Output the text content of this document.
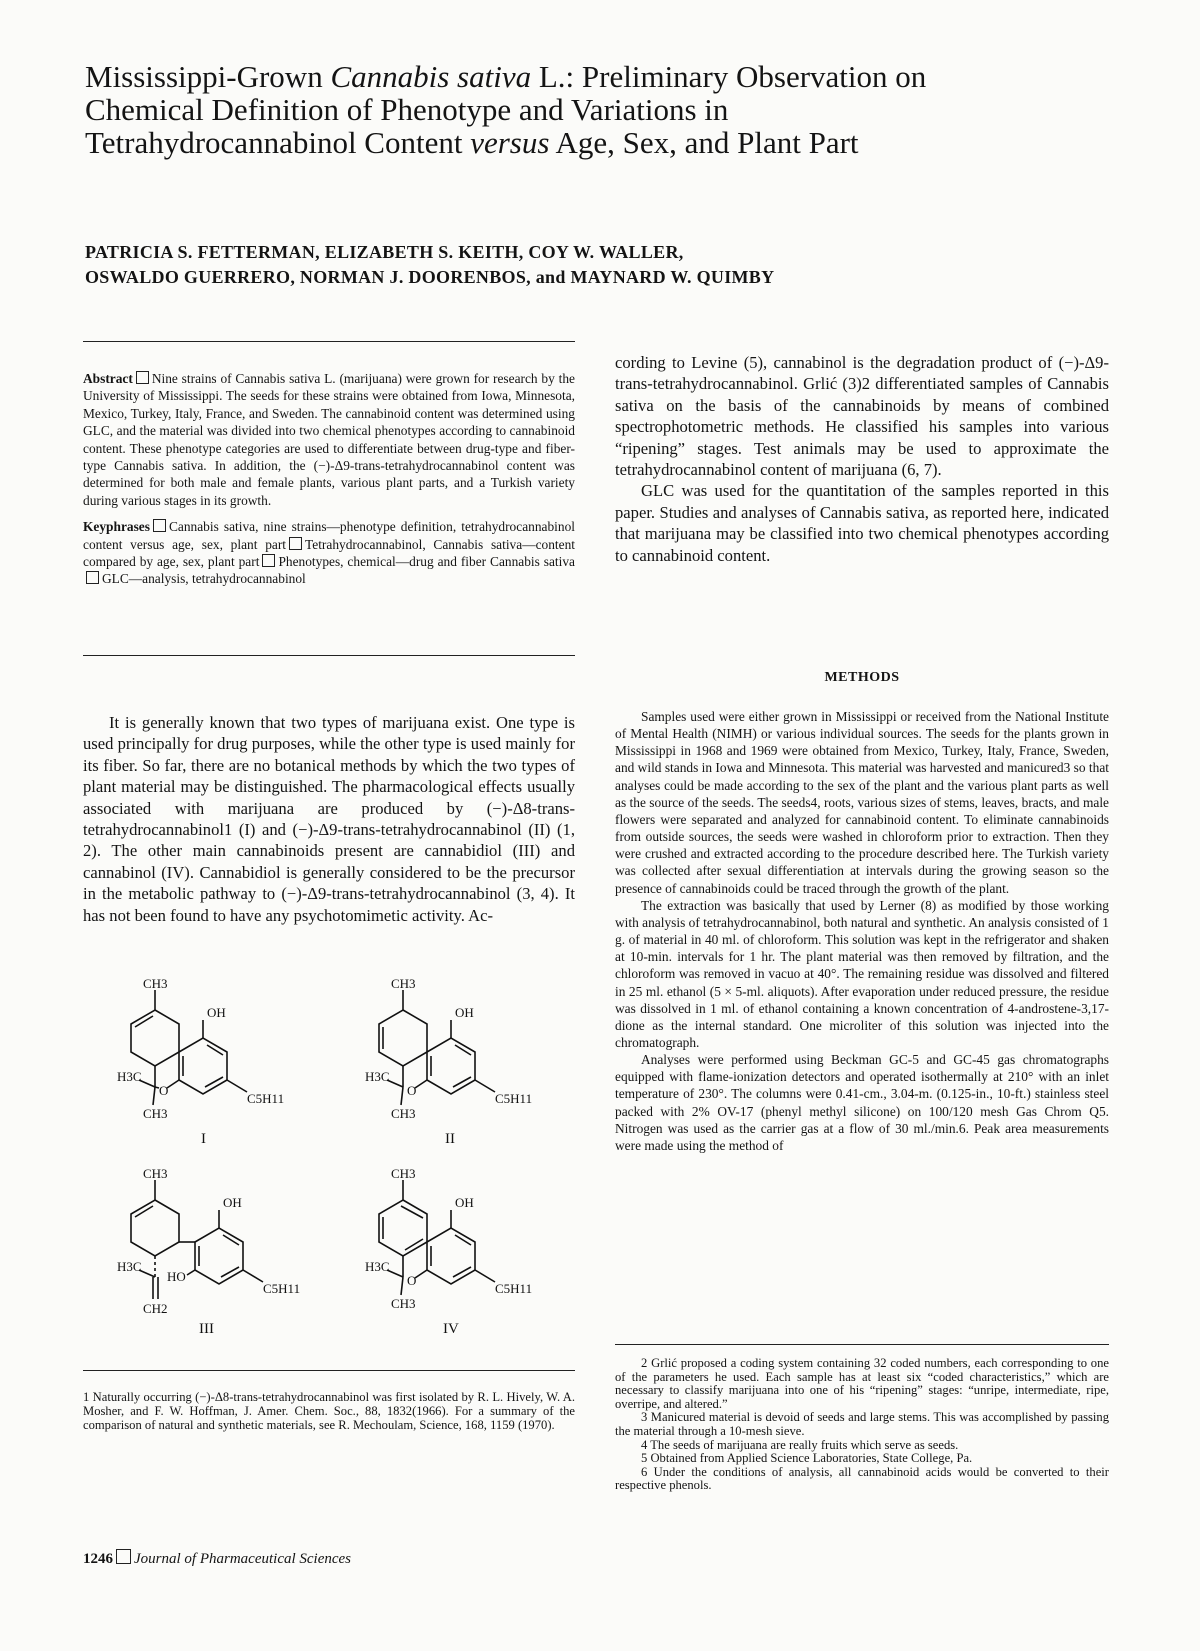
Mississippi-Grown Cannabis sativa L.: Preliminary Observation on Chemical Definition of Phenotype and Variations in Tetrahydrocannabinol Content versus Age, Sex, and Plant Part
PATRICIA S. FETTERMAN, ELIZABETH S. KEITH, COY W. WALLER,
OSWALDO GUERRERO, NORMAN J. DOORENBOS, and MAYNARD W. QUIMBY

Abstract Nine strains of Cannabis sativa L. (marijuana) were grown for research by the University of Mississippi. The seeds for these strains were obtained from Iowa, Minnesota, Mexico, Turkey, Italy, France, and Sweden. The cannabinoid content was determined using GLC, and the material was divided into two chemical phenotypes according to cannabinoid content. These phenotype categories are used to differentiate between drug-type and fiber-type Cannabis sativa. In addition, the (−)-Δ9-trans-tetrahydrocannabinol content was determined for both male and female plants, various plant parts, and a Turkish variety during various stages in its growth.

Keyphrases Cannabis sativa, nine strains—phenotype definition, tetrahydrocannabinol content versus age, sex, plant part Tetrahydrocannabinol, Cannabis sativa—content compared by age, sex, plant part Phenotypes, chemical—drug and fiber Cannabis sativaGLC—analysis, tetrahydrocannabinol

It is generally known that two types of marijuana exist. One type is used principally for drug purposes, while the other type is used mainly for its fiber. So far, there are no botanical methods by which the two types of plant material may be distinguished. The pharmacological effects usually associated with marijuana are produced by (−)-Δ8-trans-tetrahydrocannabinol1 (I) and (−)-Δ9-trans-tetrahydrocannabinol (II) (1, 2). The other main cannabinoids present are cannabidiol (III) and cannabinol (IV). Cannabidiol is generally considered to be the precursor in the metabolic pathway to (−)-Δ9-trans-tetrahydrocannabinol (3, 4). It has not been found to have any psychotomimetic activity. Ac-

CH3
OH
H3C
O
C5H11
CH3
I
CH3
OH
H3C
O
C5H11
CH3
II
CH3
OH
H3C
HO
C5H11
CH2
III
CH3
OH
H3C
O
C5H11
CH3
IV
1 Naturally occurring (−)-Δ8-trans-tetrahydrocannabinol was first isolated by R. L. Hively, W. A. Mosher, and F. W. Hoffman, J. Amer. Chem. Soc., 88, 1832(1966). For a summary of the comparison of natural and synthetic materials, see R. Mechoulam, Science, 168, 1159 (1970).

cording to Levine (5), cannabinol is the degradation product of (−)-Δ9-trans-tetrahydrocannabinol. Grlić (3)2 differentiated samples of Cannabis sativa on the basis of the cannabinoids by means of combined spectrophotometric methods. He classified his samples into various “ripening” stages. Test animals may be used to approximate the tetrahydrocannabinol content of marijuana (6, 7).

GLC was used for the quantitation of the samples reported in this paper. Studies and analyses of Cannabis sativa, as reported here, indicated that marijuana may be classified into two chemical phenotypes according to cannabinoid content.

METHODS

Samples used were either grown in Mississippi or received from the National Institute of Mental Health (NIMH) or various individual sources. The seeds for the plants grown in Mississippi in 1968 and 1969 were obtained from Mexico, Turkey, Italy, France, Sweden, and wild stands in Iowa and Minnesota. This material was harvested and manicured3 so that analyses could be made according to the sex of the plant and the various plant parts as well as the source of the seeds. The seeds4, roots, various sizes of stems, leaves, bracts, and male flowers were separated and analyzed for cannabinoid content. To eliminate cannabinoids from outside sources, the seeds were washed in chloroform prior to extraction. Then they were crushed and extracted according to the procedure described here. The Turkish variety was collected after sexual differentiation at intervals during the growing season so the presence of cannabinoids could be traced through the growth of the plant.

The extraction was basically that used by Lerner (8) as modified by those working with analysis of tetrahydrocannabinol, both natural and synthetic. An analysis consisted of 1 g. of material in 40 ml. of chloroform. This solution was kept in the refrigerator and shaken at 10-min. intervals for 1 hr. The plant material was then removed by filtration, and the chloroform was removed in vacuo at 40°. The remaining residue was dissolved and filtered in 25 ml. ethanol (5 × 5-ml. aliquots). After evaporation under reduced pressure, the residue was dissolved in 1 ml. of ethanol containing a known concentration of 4-androstene-3,17-dione as the internal standard. One microliter of this solution was injected into the chromatograph.

Analyses were performed using Beckman GC-5 and GC-45 gas chromatographs equipped with flame-ionization detectors and operated isothermally at 210° with an inlet temperature of 230°. The columns were 0.41-cm., 3.04-m. (0.125-in., 10-ft.) stainless steel packed with 2% OV-17 (phenyl methyl silicone) on 100/120 mesh Gas Chrom Q5. Nitrogen was used as the carrier gas at a flow of 30 ml./min.6. Peak area measurements were made using the method of

2 Grlić proposed a coding system containing 32 coded numbers, each corresponding to one of the parameters he used. Each sample has at least six “coded characteristics,” which are necessary to classify marijuana into one of his “ripening” stages: “unripe, intermediate, ripe, overripe, and altered.”

3 Manicured material is devoid of seeds and large stems. This was accomplished by passing the material through a 10-mesh sieve.

4 The seeds of marijuana are really fruits which serve as seeds.

5 Obtained from Applied Science Laboratories, State College, Pa.

6 Under the conditions of analysis, all cannabinoid acids would be converted to their respective phenols.

1246 Journal of Pharmaceutical Sciences
